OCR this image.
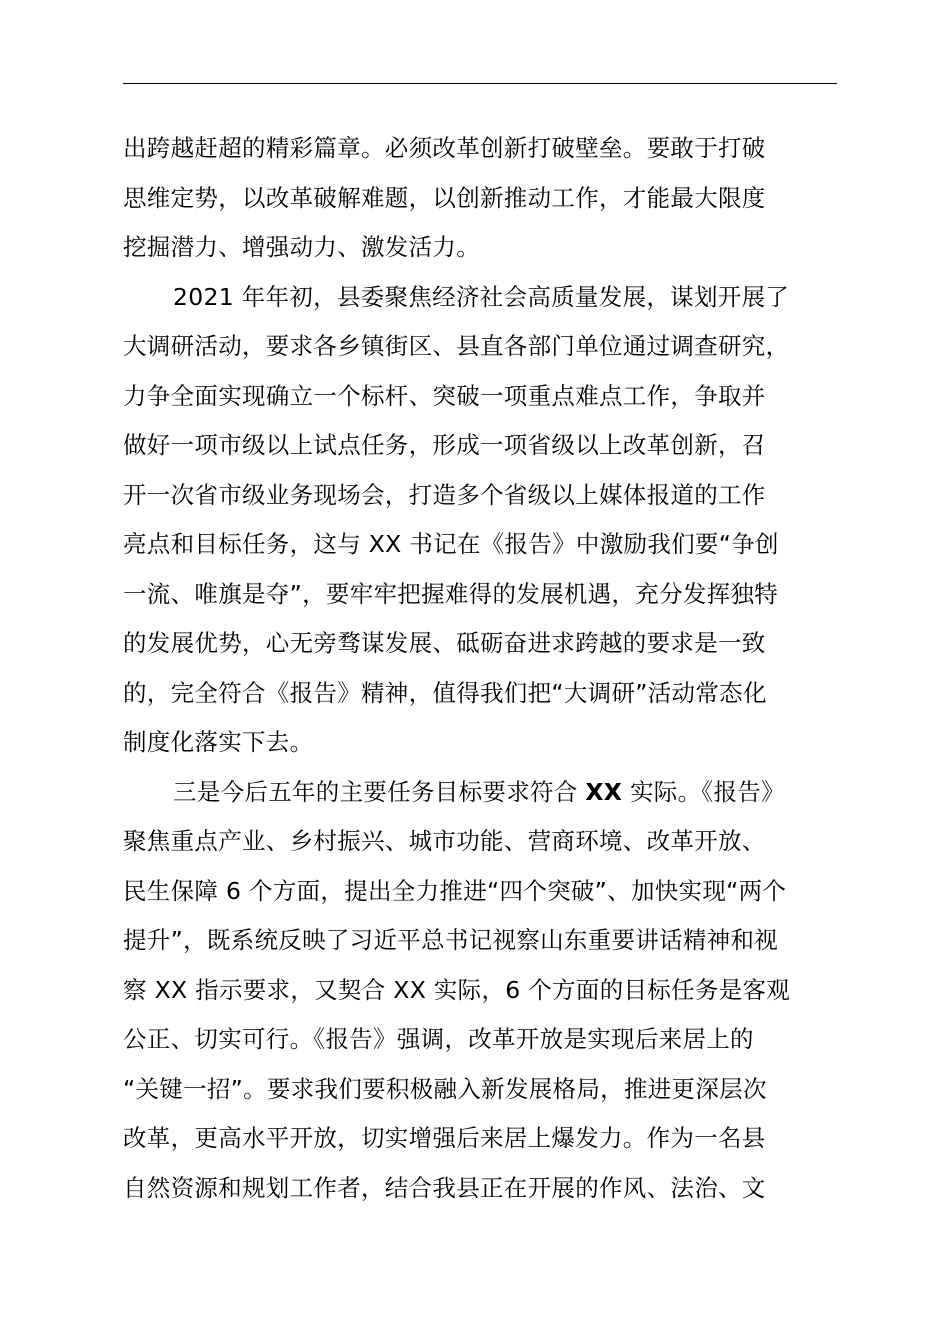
出跨越赶超的精彩篇章。必须改革创新打破壁垒。要敢于打破
思维定势，以改革破解难题，以创新推动工作，才能最大限度
挖掘潜力、增强动力、激发活力。
2021 年年初，县委聚焦经济社会高质量发展，谋划开展了
大调研活动，要求各乡镇街区、县直各部门单位通过调查研究，
力争全面实现确立一个标杆、突破一项重点难点工作，争取并
做好一项市级以上试点任务，形成一项省级以上改革创新，召
开一次省市级业务现场会，打造多个省级以上媒体报道的工作
亮点和目标任务，这与 XX 书记在《报告》中激励我们要“争创
一流、唯旗是夺”，要牢牢把握难得的发展机遇，充分发挥独特
的发展优势，心无旁骛谋发展、砥砺奋进求跨越的要求是一致
的，完全符合《报告》精神，值得我们把“大调研”活动常态化
制度化落实下去。
三是今后五年的主要任务目标要求符合 XX 实际。《报告》
聚焦重点产业、乡村振兴、城市功能、营商环境、改革开放、
民生保障 6 个方面，提出全力推进“四个突破”、加快实现“两个
提升”，既系统反映了习近平总书记视察山东重要讲话精神和视
察 XX 指示要求，又契合 XX 实际，6 个方面的目标任务是客观
公正、切实可行。《报告》强调，改革开放是实现后来居上的
“关键一招”。要求我们要积极融入新发展格局，推进更深层次
改革，更高水平开放，切实增强后来居上爆发力。作为一名县
自然资源和规划工作者，结合我县正在开展的作风、法治、文
